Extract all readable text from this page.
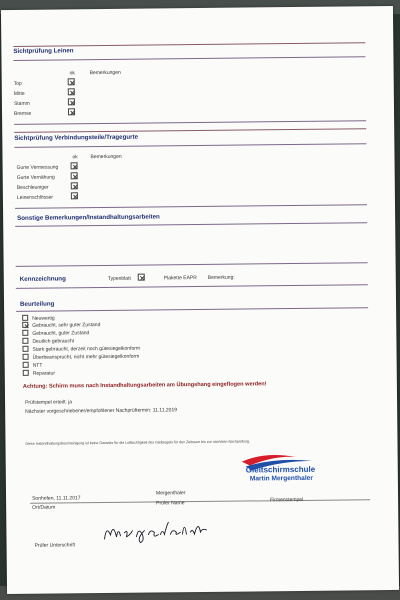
Sichtprüfung Leinen
ok	Bemerkungen
Top
Mitte
Stamm
Bremse
Sichtprüfung Verbindungsteile/Tragegurte
ok	Bemerkungen
Gurte Vermessung
Gurte Vernähung
Beschleuniger
Leinenschlösser
Sonstige Bemerkungen/Instandhaltungsarbeiten
Kennzeichnung	Typenblatt	Plakette EAPR Bemerkung:
Beurteilung
Neuwertig
Gebraucht, sehr guter Zustand
Gebraucht, guter Zustand
Deutlich gebraucht
Stark gebraucht, derzeit noch gütesiegelkonform
Überbeansprucht, nicht mehr gütesiegelkonform
NTT
Reparatur
Achtung: Schirm muss nach Instandhaltungsarbeiten am Übungshang eingeflogen werden!
Prüfstempel erteilt: ja
Nächster vorgeschriebener/empfohlener Nachprüftermin: 11.11.2019
Diese Instandhaltungsbescheinigung ist keine Garantie für die Lufttüchtigkeit des Gleitsegels für den Zeitraum bis zur nächsten Nachprüfung.
Gleitschirmschule
Martin Mergenthaler
Sonhofen, 11.11.2017
Mergenthaler
Ort/Datum
Prüfer Name
Firmenstempel
Prüfer Unterschrift
